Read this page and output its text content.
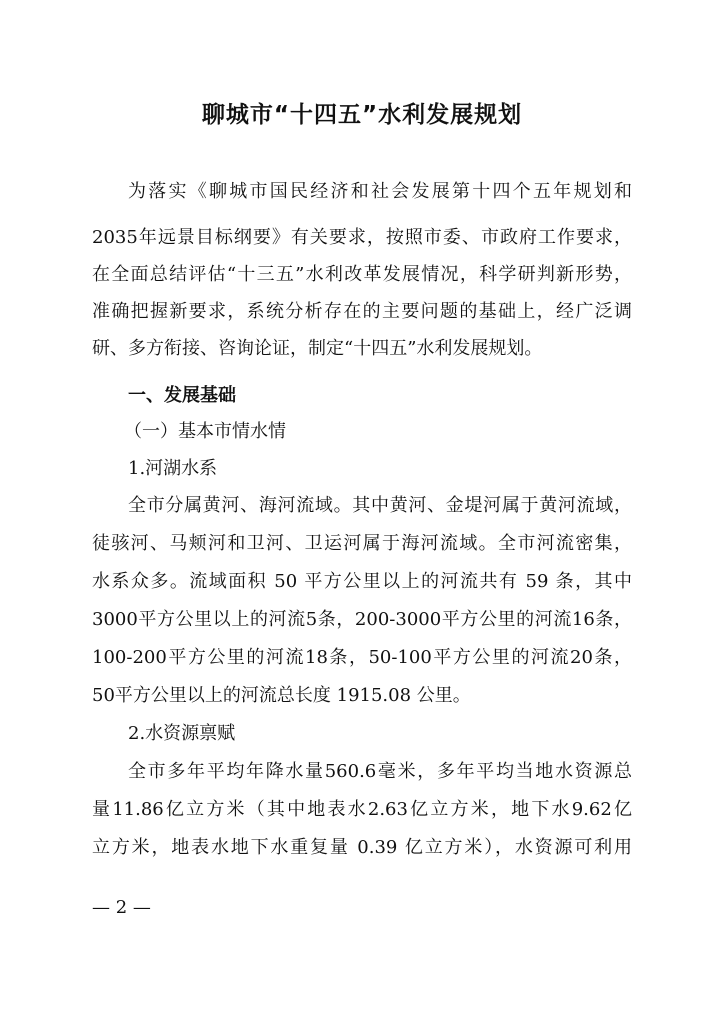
聊城市“十四五”水利发展规划
为落实《聊城市国民经济和社会发展第十四个五年规划和
2035年远景目标纲要》有关要求，按照市委、市政府工作要求，
在全面总结评估“十三五”水利改革发展情况，科学研判新形势，
准确把握新要求，系统分析存在的主要问题的基础上，经广泛调
研、多方衔接、咨询论证，制定“十四五”水利发展规划。
一、发展基础
（一）基本市情水情
1.河湖水系
全市分属黄河、海河流域。其中黄河、金堤河属于黄河流域，
徒骇河、马颊河和卫河、卫运河属于海河流域。全市河流密集，
水系众多。流域面积 50 平方公里以上的河流共有 59 条，其中
3000平方公里以上的河流5条，200-3000平方公里的河流16条，
100-200平方公里的河流18条，50-100平方公里的河流20条，
50平方公里以上的河流总长度 1915.08 公里。
2.水资源禀赋
全市多年平均年降水量560.6毫米，多年平均当地水资源总
量11.86亿立方米（其中地表水2.63亿立方米，地下水9.62亿
立方米，地表水地下水重复量 0.39 亿立方米），水资源可利用
— 2 —
